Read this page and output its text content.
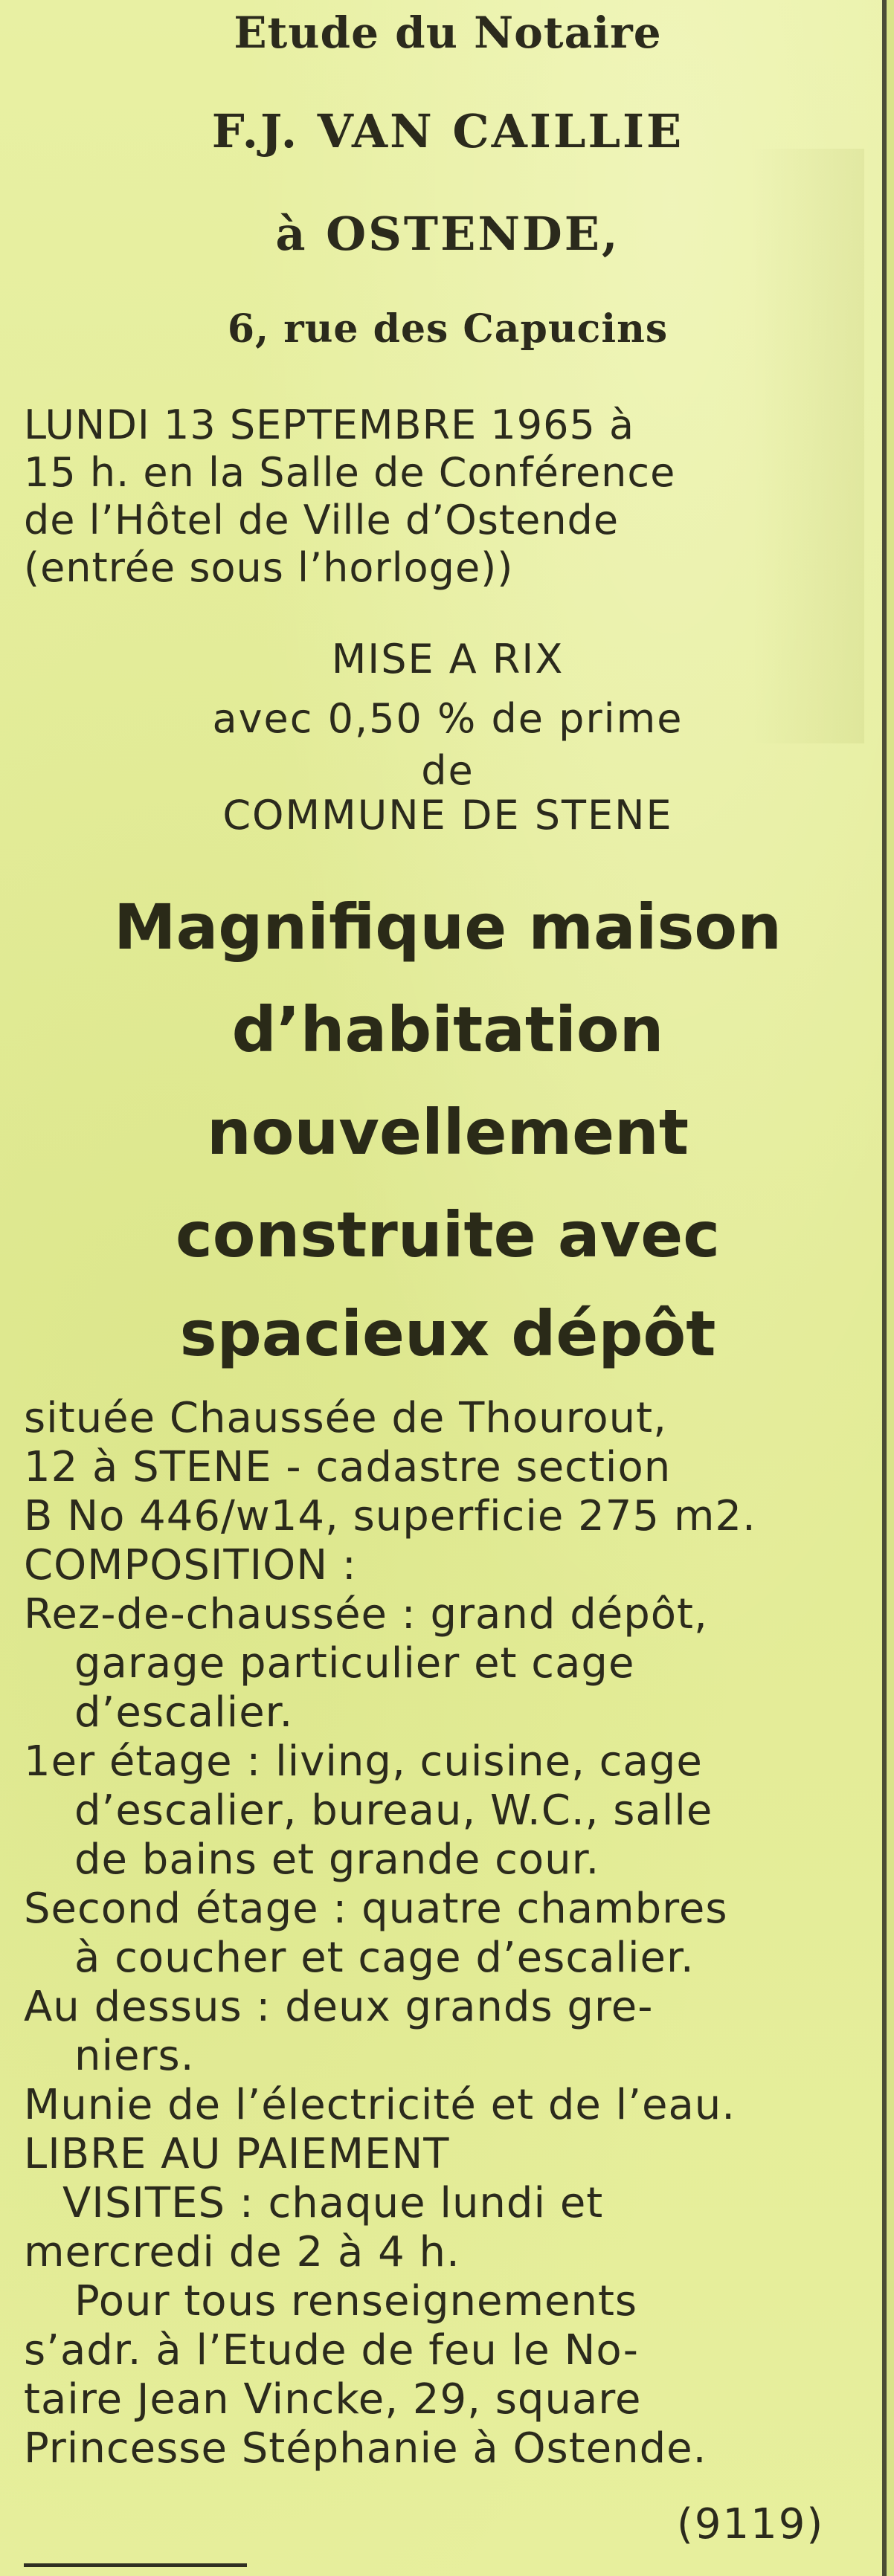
Etude du Notaire
F.J. VAN CAILLIE
à OSTENDE,
6, rue des Capucins
LUNDI 13 SEPTEMBRE 1965 à
15 h. en la Salle de Conférence
de l’Hôtel de Ville d’Ostende
(entrée sous l’horloge))
MISE A RIX
avec 0,50 % de prime
de
COMMUNE DE STENE
Magnifique maison
d’habitation
nouvellement
construite avec
spacieux dépôt
située Chaussée de Thourout,
12 à STENE - cadastre section
B No 446/w14, superficie 275 m2.
COMPOSITION :
Rez-de-chaussée : grand dépôt,
garage particulier et cage
d’escalier.
1er étage : living, cuisine, cage
d’escalier, bureau, W.C., salle
de bains et grande cour.
Second étage : quatre chambres
à coucher et cage d’escalier.
Au dessus : deux grands gre-
niers.
Munie de l’électricité et de l’eau.
LIBRE AU PAIEMENT
VISITES : chaque lundi et
mercredi de 2 à 4 h.
Pour tous renseignements
s’adr. à l’Etude de feu le No-
taire Jean Vincke, 29, square
Princesse Stéphanie à Ostende.
(9119)
